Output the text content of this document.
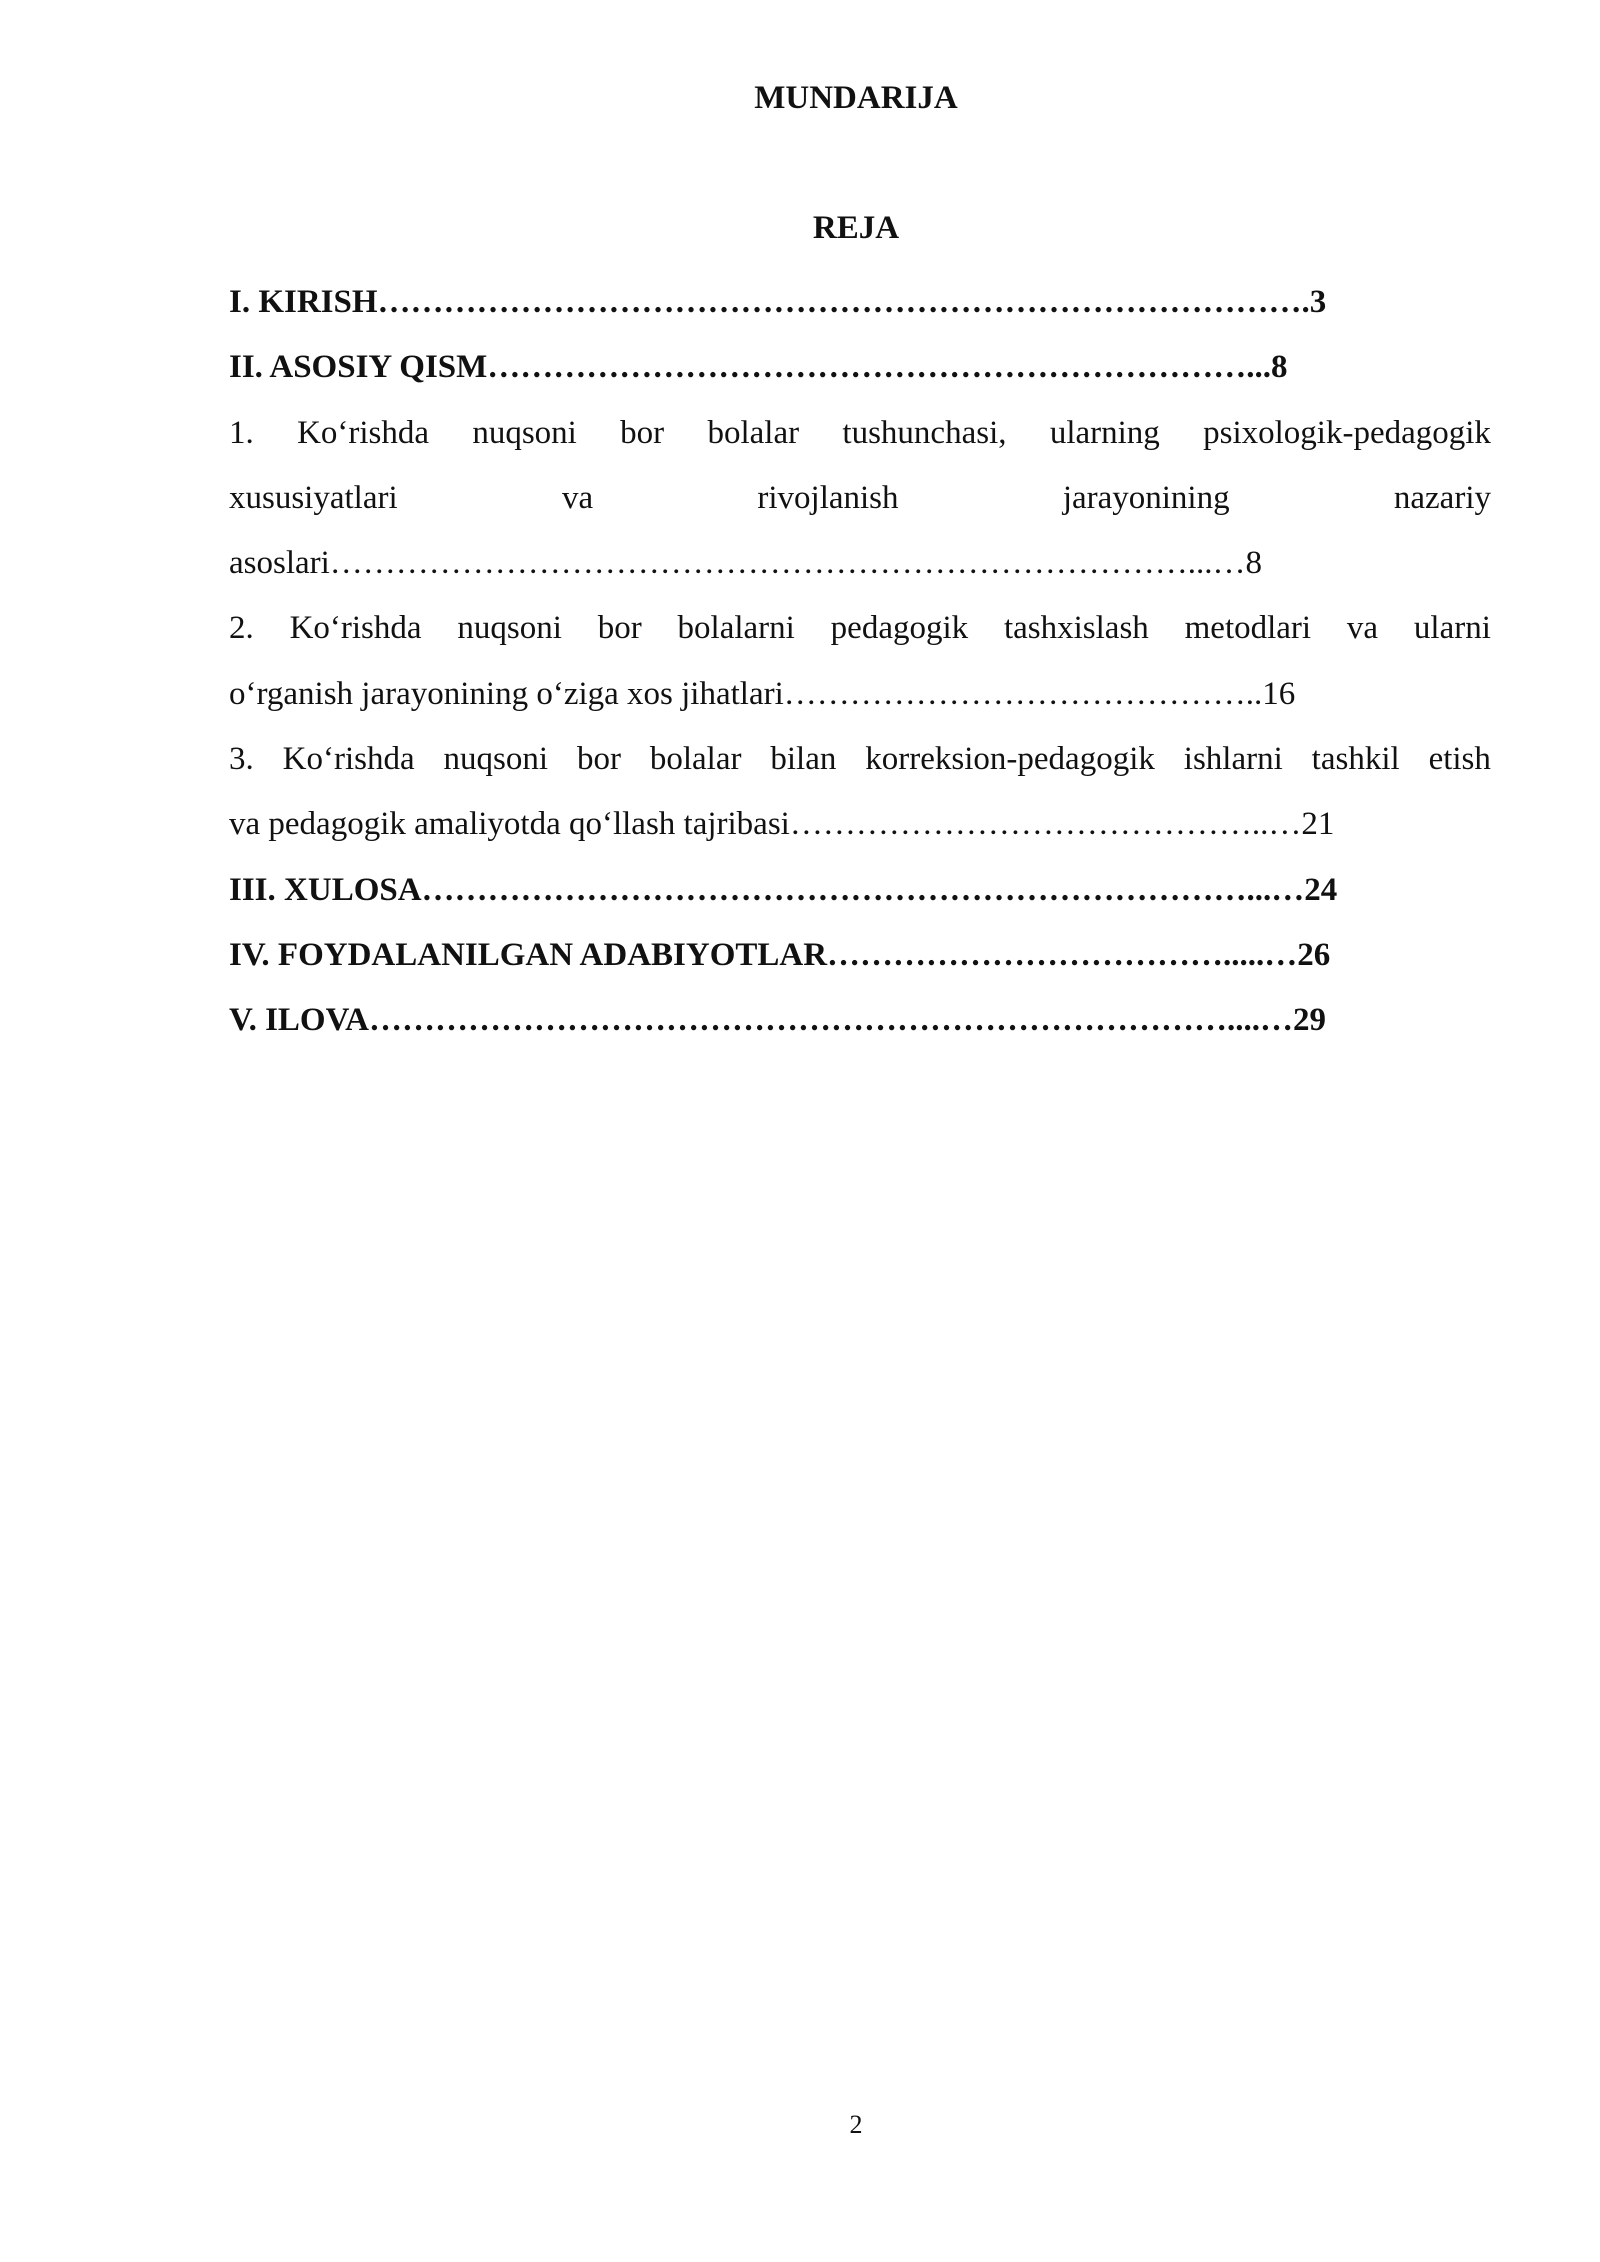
MUNDARIJA
REJA
I. KIRISH………………………………………………………………………….3
II. ASOSIY QISM……………………………………………………………...8
1. Ko‘rishda nuqsoni bor bolalar tushunchasi, ularning psixologik-pedagogik
xususiyatlari	va	rivojlanish	jarayonining	nazariy
asoslari……………………………………………………………………...…8
2. Ko‘rishda nuqsoni bor bolalarni pedagogik tashxislash metodlari va ularni
o‘rganish jarayonining o‘ziga xos jihatlari……………………………………..16
3. Ko‘rishda nuqsoni bor bolalar bilan korreksion-pedagogik ishlarni tashkil etish
va pedagogik amaliyotda qo‘llash tajribasi……………………………………..…21
III. XULOSA…………………………………………………………………...…24
IV. FOYDALANILGAN ADABIYOTLAR……………………………….....…26
V. ILOVA……………………………………………………………………....…29
2
